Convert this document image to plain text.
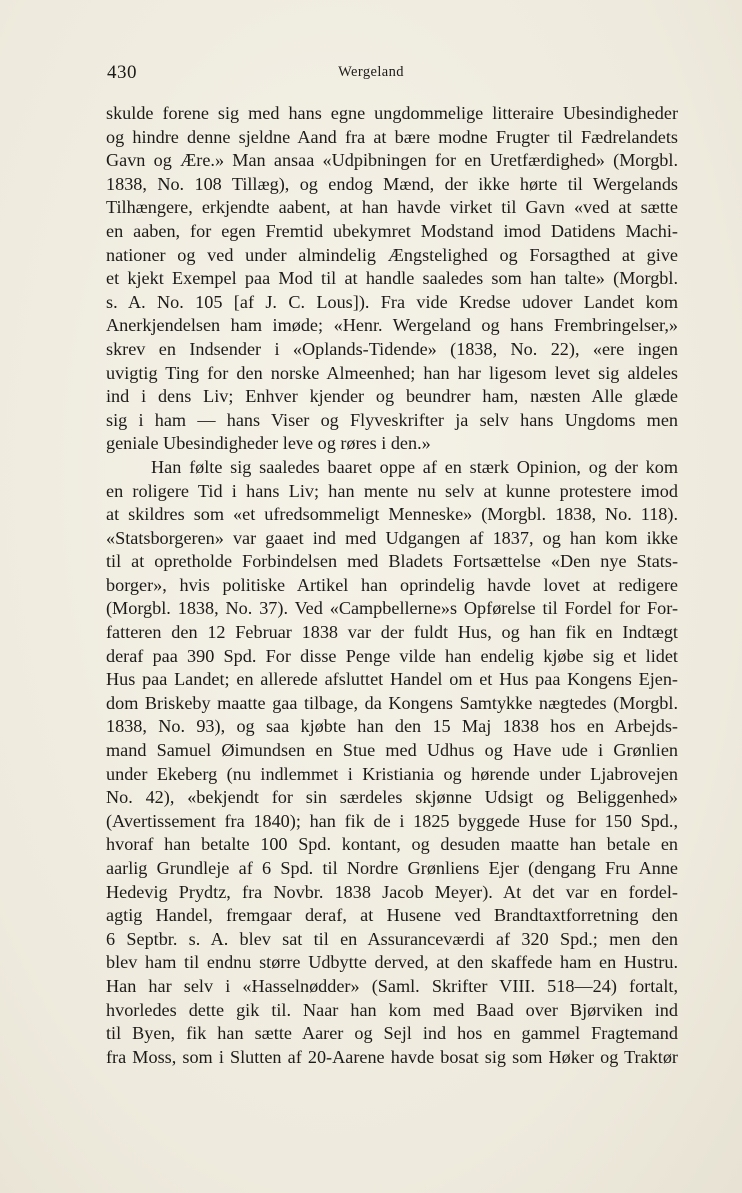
430	Wergeland
skulde forene sig med hans egne ungdommelige litteraire Ubesindigheder
og hindre denne sjeldne Aand fra at bære modne Frugter til Fædrelandets
Gavn og Ære.» Man ansaa «Udpibningen for en Uretfærdighed» (Morgbl.
1838, No. 108 Tillæg), og endog Mænd, der ikke hørte til Wergelands
Tilhængere, erkjendte aabent, at han havde virket til Gavn «ved at sætte
en aaben, for egen Fremtid ubekymret Modstand imod Datidens Machi-
nationer og ved under almindelig Ængstelighed og Forsagthed at give
et kjekt Exempel paa Mod til at handle saaledes som han talte» (Morgbl.
s. A. No. 105 [af J. C. Lous]). Fra vide Kredse udover Landet kom
Anerkjendelsen ham imøde; «Henr. Wergeland og hans Frembringelser,»
skrev en Indsender i «Oplands-Tidende» (1838, No. 22), «ere ingen
uvigtig Ting for den norske Almeenhed; han har ligesom levet sig aldeles
ind i dens Liv; Enhver kjender og beundrer ham, næsten Alle glæde
sig i ham — hans Viser og Flyveskrifter ja selv hans Ungdoms men
geniale Ubesindigheder leve og røres i den.»
Han følte sig saaledes baaret oppe af en stærk Opinion, og der kom
en roligere Tid i hans Liv; han mente nu selv at kunne protestere imod
at skildres som «et ufredsommeligt Menneske» (Morgbl. 1838, No. 118).
«Statsborgeren» var gaaet ind med Udgangen af 1837, og han kom ikke
til at opretholde Forbindelsen med Bladets Fortsættelse «Den nye Stats-
borger», hvis politiske Artikel han oprindelig havde lovet at redigere
(Morgbl. 1838, No. 37). Ved «Campbellerne»s Opførelse til Fordel for For-
fatteren den 12 Februar 1838 var der fuldt Hus, og han fik en Indtægt
deraf paa 390 Spd. For disse Penge vilde han endelig kjøbe sig et lidet
Hus paa Landet; en allerede afsluttet Handel om et Hus paa Kongens Ejen-
dom Briskeby maatte gaa tilbage, da Kongens Samtykke nægtedes (Morgbl.
1838, No. 93), og saa kjøbte han den 15 Maj 1838 hos en Arbejds-
mand Samuel Øimundsen en Stue med Udhus og Have ude i Grønlien
under Ekeberg (nu indlemmet i Kristiania og hørende under Ljabrovejen
No. 42), «bekjendt for sin særdeles skjønne Udsigt og Beliggenhed»
(Avertissement fra 1840); han fik de i 1825 byggede Huse for 150 Spd.,
hvoraf han betalte 100 Spd. kontant, og desuden maatte han betale en
aarlig Grundleje af 6 Spd. til Nordre Grønliens Ejer (dengang Fru Anne
Hedevig Prydtz, fra Novbr. 1838 Jacob Meyer). At det var en fordel-
agtig Handel, fremgaar deraf, at Husene ved Brandtaxtforretning den
6 Septbr. s. A. blev sat til en Assuranceværdi af 320 Spd.; men den
blev ham til endnu større Udbytte derved, at den skaffede ham en Hustru.
Han har selv i «Hasselnødder» (Saml. Skrifter VIII. 518—24) fortalt,
hvorledes dette gik til. Naar han kom med Baad over Bjørviken ind
til Byen, fik han sætte Aarer og Sejl ind hos en gammel Fragtemand
fra Moss, som i Slutten af 20-Aarene havde bosat sig som Høker og Traktør
